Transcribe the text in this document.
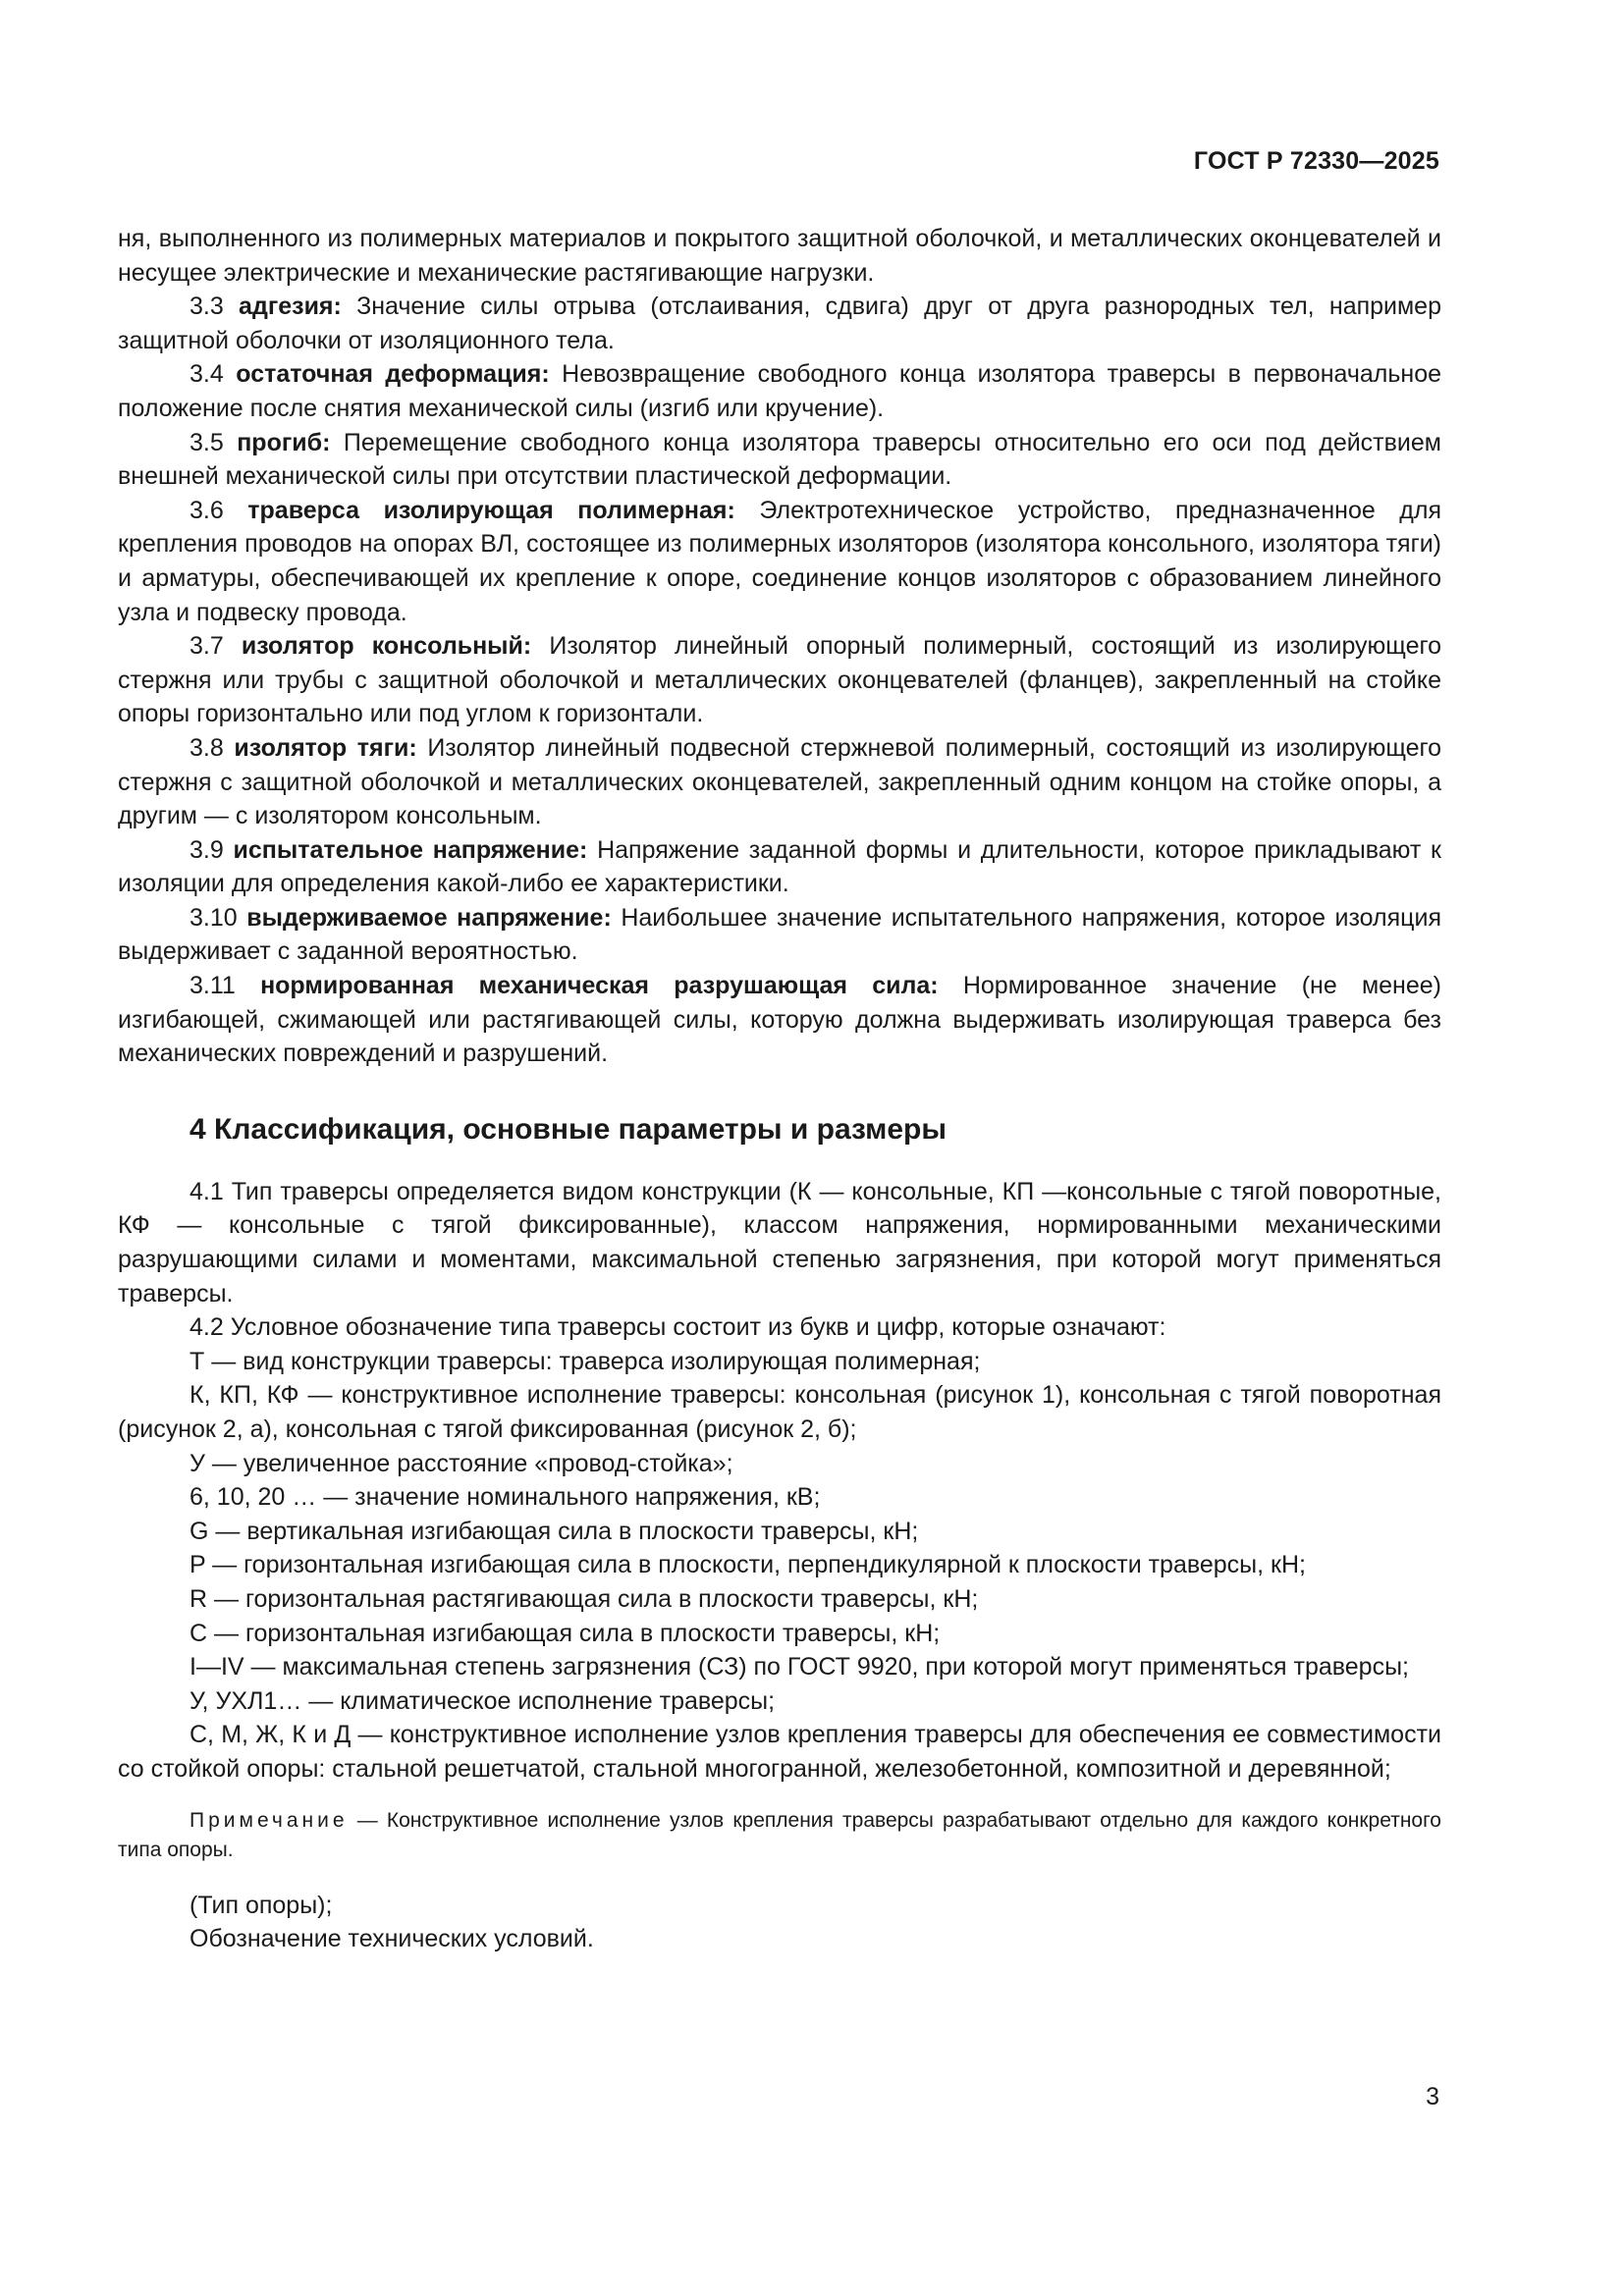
ГОСТ Р 72330—2025

ня, выполненного из полимерных материалов и покрытого защитной оболочкой, и металлических оконцевателей и несущее электрические и механические растягивающие нагрузки.

3.3 адгезия: Значение силы отрыва (отслаивания, сдвига) друг от друга разнородных тел, например защитной оболочки от изоляционного тела.

3.4 остаточная деформация: Невозвращение свободного конца изолятора траверсы в первоначальное положение после снятия механической силы (изгиб или кручение).

3.5 прогиб: Перемещение свободного конца изолятора траверсы относительно его оси под действием внешней механической силы при отсутствии пластической деформации.

3.6 траверса изолирующая полимерная: Электротехническое устройство, предназначенное для крепления проводов на опорах ВЛ, состоящее из полимерных изоляторов (изолятора консольного, изолятора тяги) и арматуры, обеспечивающей их крепление к опоре, соединение концов изоляторов с образованием линейного узла и подвеску провода.

3.7 изолятор консольный: Изолятор линейный опорный полимерный, состоящий из изолирующего стержня или трубы с защитной оболочкой и металлических оконцевателей (фланцев), закрепленный на стойке опоры горизонтально или под углом к горизонтали.

3.8 изолятор тяги: Изолятор линейный подвесной стержневой полимерный, состоящий из изолирующего стержня с защитной оболочкой и металлических оконцевателей, закрепленный одним концом на стойке опоры, а другим — с изолятором консольным.

3.9 испытательное напряжение: Напряжение заданной формы и длительности, которое прикладывают к изоляции для определения какой-либо ее характеристики.

3.10 выдерживаемое напряжение: Наибольшее значение испытательного напряжения, которое изоляция выдерживает с заданной вероятностью.

3.11 нормированная механическая разрушающая сила: Нормированное значение (не менее) изгибающей, сжимающей или растягивающей силы, которую должна выдерживать изолирующая траверса без механических повреждений и разрушений.

4 Классификация, основные параметры и размеры

4.1 Тип траверсы определяется видом конструкции (К — консольные, КП —консольные с тягой поворотные, КФ — консольные с тягой фиксированные), классом напряжения, нормированными механическими разрушающими силами и моментами, максимальной степенью загрязнения, при которой могут применяться траверсы.

4.2 Условное обозначение типа траверсы состоит из букв и цифр, которые означают:

Т — вид конструкции траверсы: траверса изолирующая полимерная;

К, КП, КФ — конструктивное исполнение траверсы: консольная (рисунок 1), консольная с тягой поворотная (рисунок 2, а), консольная с тягой фиксированная (рисунок 2, б);

У — увеличенное расстояние «провод-стойка»;

6, 10, 20 … — значение номинального напряжения, кВ;

G — вертикальная изгибающая сила в плоскости траверсы, кН;

P — горизонтальная изгибающая сила в плоскости, перпендикулярной к плоскости траверсы, кН;

R — горизонтальная растягивающая сила в плоскости траверсы, кН;

С — горизонтальная изгибающая сила в плоскости траверсы, кН;

I—IV — максимальная степень загрязнения (СЗ) по ГОСТ 9920, при которой могут применяться траверсы;

У, УХЛ1… — климатическое исполнение траверсы;

С, М, Ж, К и Д — конструктивное исполнение узлов крепления траверсы для обеспечения ее совместимости со стойкой опоры: стальной решетчатой, стальной многогранной, железобетонной, композитной и деревянной;

Примечание — Конструктивное исполнение узлов крепления траверсы разрабатывают отдельно для каждого конкретного типа опоры.

(Тип опоры);

Обозначение технических условий.

3
